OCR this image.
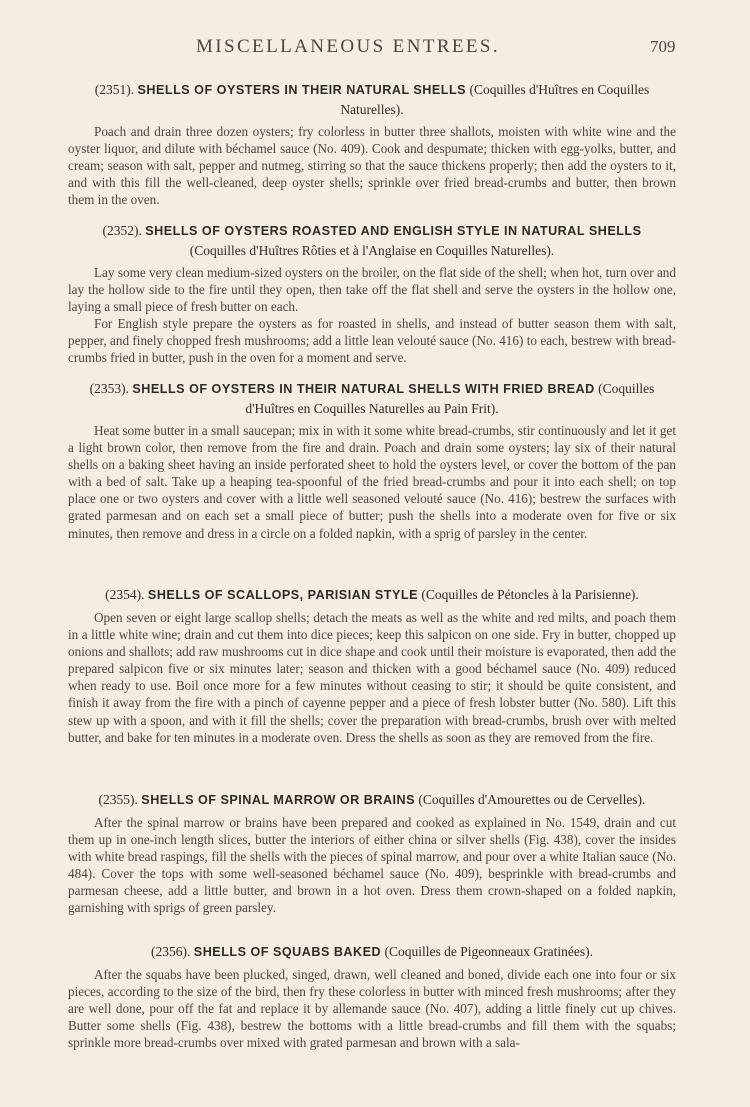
MISCELLANEOUS ENTREES.	709
(2351). SHELLS OF OYSTERS IN THEIR NATURAL SHELLS (Coquilles d'Huîtres en Coquilles Naturelles).

Poach and drain three dozen oysters; fry colorless in butter three shallots, moisten with white wine and the oyster liquor, and dilute with béchamel sauce (No. 409). Cook and despumate; thicken with egg-yolks, butter, and cream; season with salt, pepper and nutmeg, stirring so that the sauce thickens properly; then add the oysters to it, and with this fill the well-cleaned, deep oyster shells; sprinkle over fried bread-crumbs and butter, then brown them in the oven.

(2352). SHELLS OF OYSTERS ROASTED AND ENGLISH STYLE IN NATURAL SHELLS
(Coquilles d'Huîtres Rôties et à l'Anglaise en Coquilles Naturelles).

Lay some very clean medium-sized oysters on the broiler, on the flat side of the shell; when hot, turn over and lay the hollow side to the fire until they open, then take off the flat shell and serve the oysters in the hollow one, laying a small piece of fresh butter on each.

For English style prepare the oysters as for roasted in shells, and instead of butter season them with salt, pepper, and finely chopped fresh mushrooms; add a little lean velouté sauce (No. 416) to each, bestrew with bread-crumbs fried in butter, push in the oven for a moment and serve.

(2353). SHELLS OF OYSTERS IN THEIR NATURAL SHELLS WITH FRIED BREAD (Coquilles d'Huîtres en Coquilles Naturelles au Pain Frit).

Heat some butter in a small saucepan; mix in with it some white bread-crumbs, stir continuously and let it get a light brown color, then remove from the fire and drain. Poach and drain some oysters; lay six of their natural shells on a baking sheet having an inside perforated sheet to hold the oysters level, or cover the bottom of the pan with a bed of salt. Take up a heaping tea-spoonful of the fried bread-crumbs and pour it into each shell; on top place one or two oysters and cover with a little well seasoned velouté sauce (No. 416); bestrew the surfaces with grated parmesan and on each set a small piece of butter; push the shells into a moderate oven for five or six minutes, then remove and dress in a circle on a folded napkin, with a sprig of parsley in the center.

(2354). SHELLS OF SCALLOPS, PARISIAN STYLE (Coquilles de Pétoncles à la Parisienne).

Open seven or eight large scallop shells; detach the meats as well as the white and red milts, and poach them in a little white wine; drain and cut them into dice pieces; keep this salpicon on one side. Fry in butter, chopped up onions and shallots; add raw mushrooms cut in dice shape and cook until their moisture is evaporated, then add the prepared salpicon five or six minutes later; season and thicken with a good béchamel sauce (No. 409) reduced when ready to use. Boil once more for a few minutes without ceasing to stir; it should be quite consistent, and finish it away from the fire with a pinch of cayenne pepper and a piece of fresh lobster butter (No. 580). Lift this stew up with a spoon, and with it fill the shells; cover the preparation with bread-crumbs, brush over with melted butter, and bake for ten minutes in a moderate oven. Dress the shells as soon as they are removed from the fire.

(2355). SHELLS OF SPINAL MARROW OR BRAINS (Coquilles d'Amourettes ou de Cervelles).

After the spinal marrow or brains have been prepared and cooked as explained in No. 1549, drain and cut them up in one-inch length slices, butter the interiors of either china or silver shells (Fig. 438), cover the insides with white bread raspings, fill the shells with the pieces of spinal marrow, and pour over a white Italian sauce (No. 484). Cover the tops with some well-seasoned béchamel sauce (No. 409), besprinkle with bread-crumbs and parmesan cheese, add a little butter, and brown in a hot oven. Dress them crown-shaped on a folded napkin, garnishing with sprigs of green parsley.

(2356). SHELLS OF SQUABS BAKED (Coquilles de Pigeonneaux Gratinées).

After the squabs have been plucked, singed, drawn, well cleaned and boned, divide each one into four or six pieces, according to the size of the bird, then fry these colorless in butter with minced fresh mushrooms; after they are well done, pour off the fat and replace it by allemande sauce (No. 407), adding a little finely cut up chives. Butter some shells (Fig. 438), bestrew the bottoms with a little bread-crumbs and fill them with the squabs; sprinkle more bread-crumbs over mixed with grated parmesan and brown with a sala-
